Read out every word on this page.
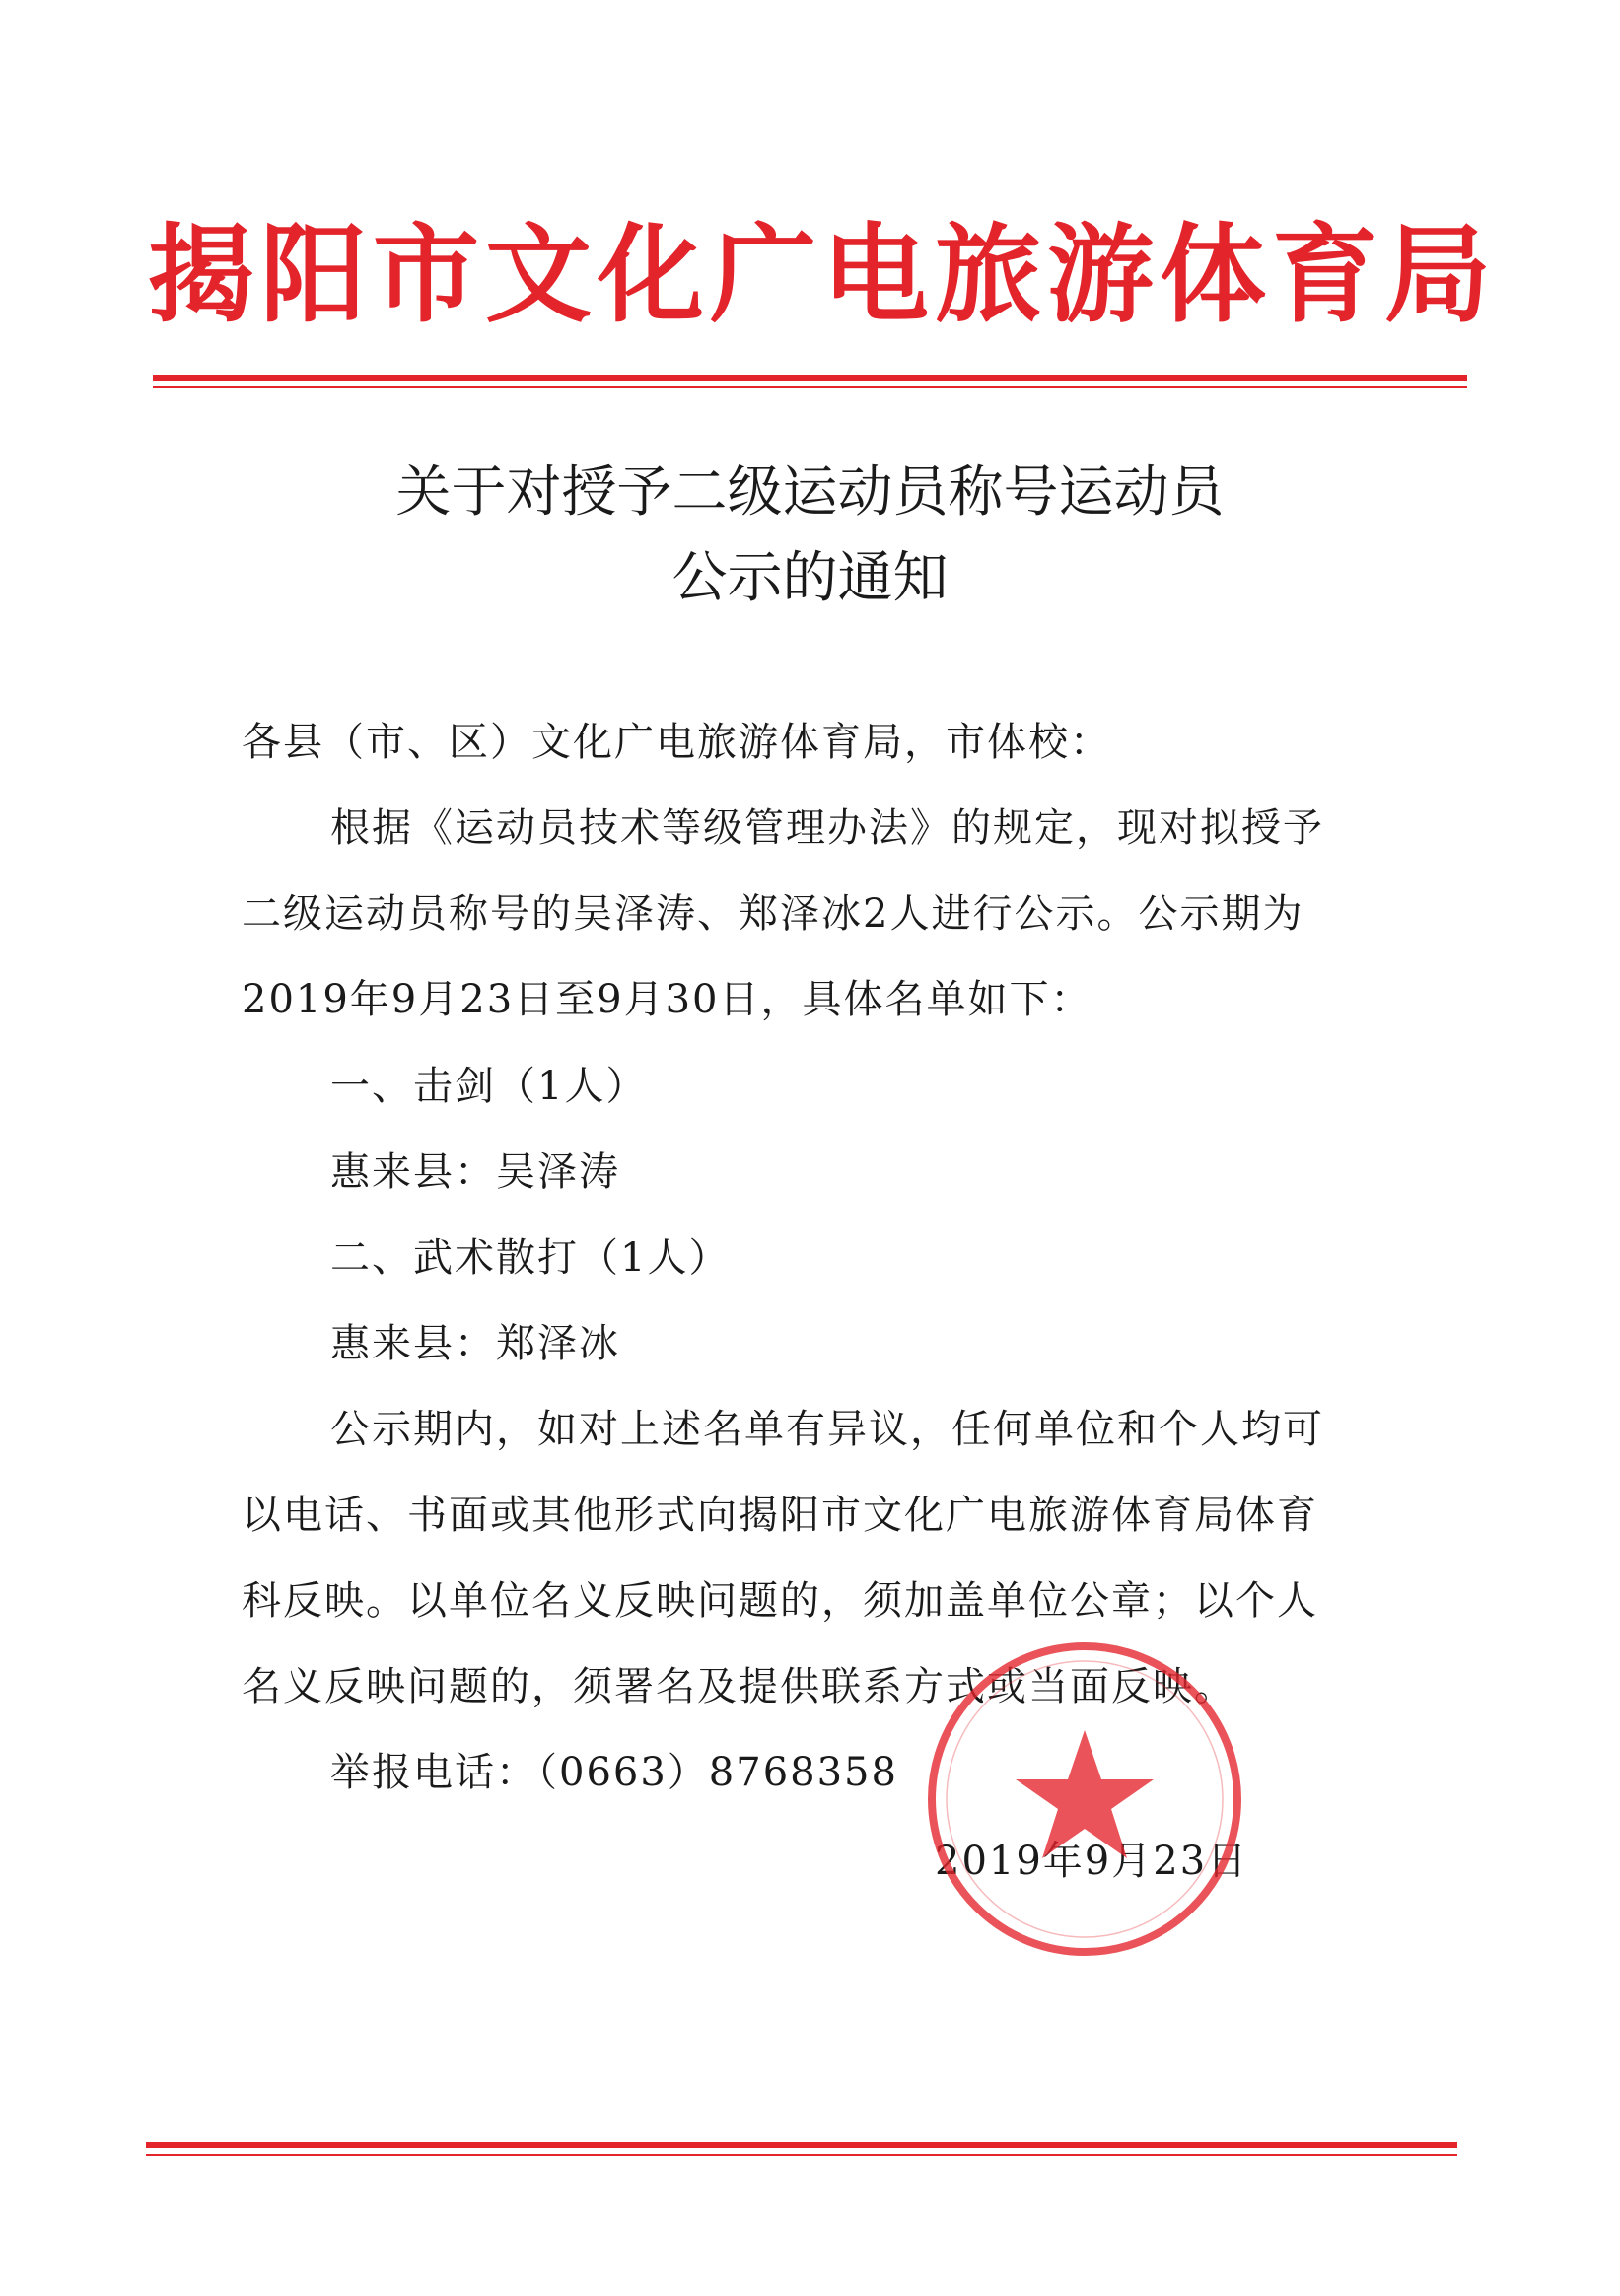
揭阳市文化广电旅游体育局
关于对授予二级运动员称号运动员
公示的通知
各县（市、区）文化广电旅游体育局，市体校：
根据《运动员技术等级管理办法》的规定，现对拟授予
二级运动员称号的吴泽涛、郑泽冰2人进行公示。公示期为
2019年9月23日至9月30日，具体名单如下：
一、击剑（1人）
惠来县：吴泽涛
二、武术散打（1人）
惠来县：郑泽冰
公示期内，如对上述名单有异议，任何单位和个人均可
以电话、书面或其他形式向揭阳市文化广电旅游体育局体育
科反映。以单位名义反映问题的，须加盖单位公章；以个人
名义反映问题的，须署名及提供联系方式或当面反映。
举报电话：（0663）8768358
2019年9月23日
